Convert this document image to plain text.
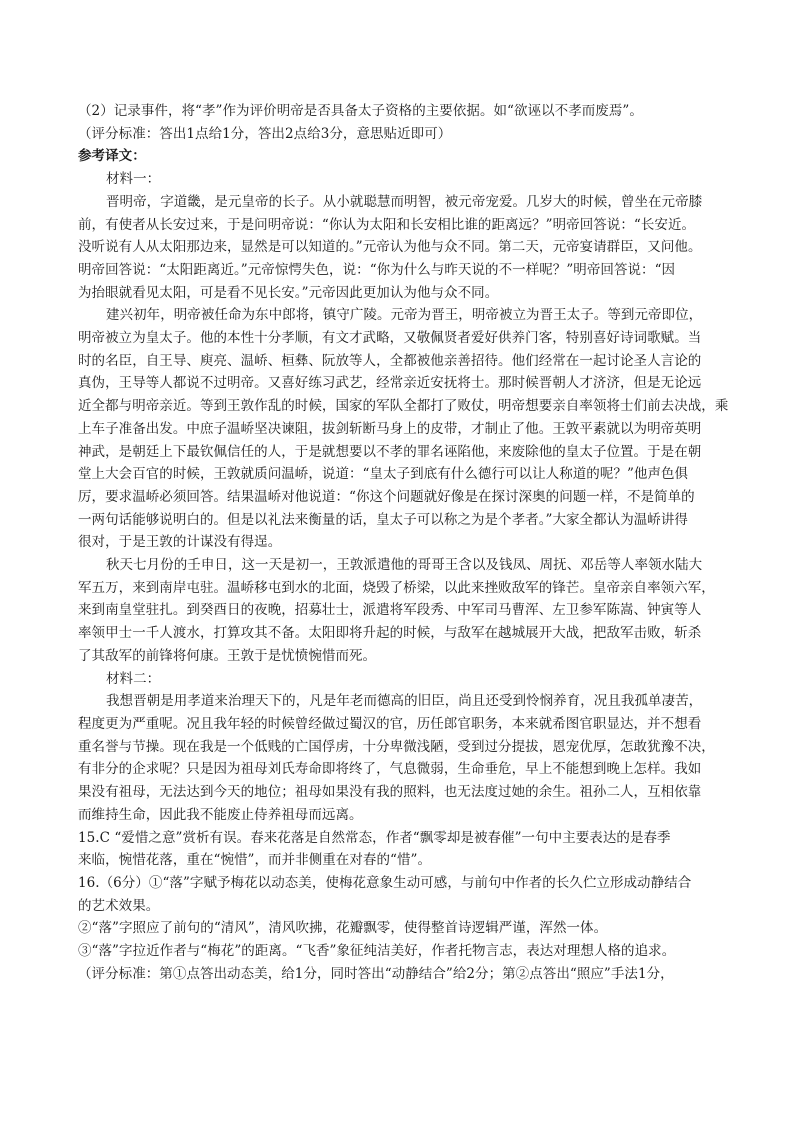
（2）记录事件，将“孝”作为评价明帝是否具备太子资格的主要依据。如“欲诬以不孝而废焉”。
（评分标准：答出1点给1分，答出2点给3分，意思贴近即可）
参考译文：
材料一：
晋明帝，字道畿，是元皇帝的长子。从小就聪慧而明智，被元帝宠爱。几岁大的时候，曾坐在元帝膝
前，有使者从长安过来，于是问明帝说：“你认为太阳和长安相比谁的距离远？”明帝回答说：“长安近。
没听说有人从太阳那边来，显然是可以知道的。”元帝认为他与众不同。第二天，元帝宴请群臣，又问他。
明帝回答说：“太阳距离近。”元帝惊愕失色，说：“你为什么与昨天说的不一样呢？”明帝回答说：“因
为抬眼就看见太阳，可是看不见长安。”元帝因此更加认为他与众不同。
建兴初年，明帝被任命为东中郎将，镇守广陵。元帝为晋王，明帝被立为晋王太子。等到元帝即位，
明帝被立为皇太子。他的本性十分孝顺，有文才武略，又敬佩贤者爱好供养门客，特别喜好诗词歌赋。当
时的名臣，自王导、庾亮、温峤、桓彝、阮放等人，全都被他亲善招待。他们经常在一起讨论圣人言论的
真伪，王导等人都说不过明帝。又喜好练习武艺，经常亲近安抚将士。那时候晋朝人才济济，但是无论远
近全都与明帝亲近。等到王敦作乱的时候，国家的军队全都打了败仗，明帝想要亲自率领将士们前去决战，乘
上车子准备出发。中庶子温峤坚决谏阻，拔剑斩断马身上的皮带，才制止了他。王敦平素就以为明帝英明
神武，是朝廷上下最钦佩信任的人，于是就想要以不孝的罪名诬陷他，来废除他的皇太子位置。于是在朝
堂上大会百官的时候，王敦就质问温峤，说道：“皇太子到底有什么德行可以让人称道的呢？”他声色俱
厉，要求温峤必须回答。结果温峤对他说道：“你这个问题就好像是在探讨深奥的问题一样，不是简单的
一两句话能够说明白的。但是以礼法来衡量的话，皇太子可以称之为是个孝者。”大家全都认为温峤讲得
很对，于是王敦的计谋没有得逞。
秋天七月份的壬申日，这一天是初一，王敦派遣他的哥哥王含以及钱凤、周抚、邓岳等人率领水陆大
军五万，来到南岸屯驻。温峤移屯到水的北面，烧毁了桥梁，以此来挫败敌军的锋芒。皇帝亲自率领六军，
来到南皇堂驻扎。到癸酉日的夜晚，招募壮士，派遣将军段秀、中军司马曹浑、左卫参军陈嵩、钟寅等人
率领甲士一千人渡水，打算攻其不备。太阳即将升起的时候，与敌军在越城展开大战，把敌军击败，斩杀
了其敌军的前锋将何康。王敦于是忧愤惋惜而死。
材料二：
我想晋朝是用孝道来治理天下的，凡是年老而德高的旧臣，尚且还受到怜悯养育，况且我孤单凄苦，
程度更为严重呢。况且我年轻的时候曾经做过蜀汉的官，历任郎官职务，本来就希图官职显达，并不想看
重名誉与节操。现在我是一个低贱的亡国俘虏，十分卑微浅陋，受到过分提拔，恩宠优厚，怎敢犹豫不决，
有非分的企求呢？只是因为祖母刘氏寿命即将终了，气息微弱，生命垂危，早上不能想到晚上怎样。我如
果没有祖母，无法达到今天的地位；祖母如果没有我的照料，也无法度过她的余生。祖孙二人，互相依靠
而维持生命，因此我不能废止侍养祖母而远离。
15.C “爱惜之意”赏析有误。春来花落是自然常态，作者“飘零却是被春催”一句中主要表达的是春季
来临，惋惜花落，重在“惋惜”，而并非侧重在对春的“惜”。
16.（6分）①“落”字赋予梅花以动态美，使梅花意象生动可感，与前句中作者的长久伫立形成动静结合
的艺术效果。
②“落”字照应了前句的“清风”，清风吹拂，花瓣飘零，使得整首诗逻辑严谨，浑然一体。
③“落”字拉近作者与“梅花”的距离。“飞香”象征纯洁美好，作者托物言志，表达对理想人格的追求。
（评分标准：第①点答出动态美，给1分，同时答出“动静结合”给2分；第②点答出“照应”手法1分，
